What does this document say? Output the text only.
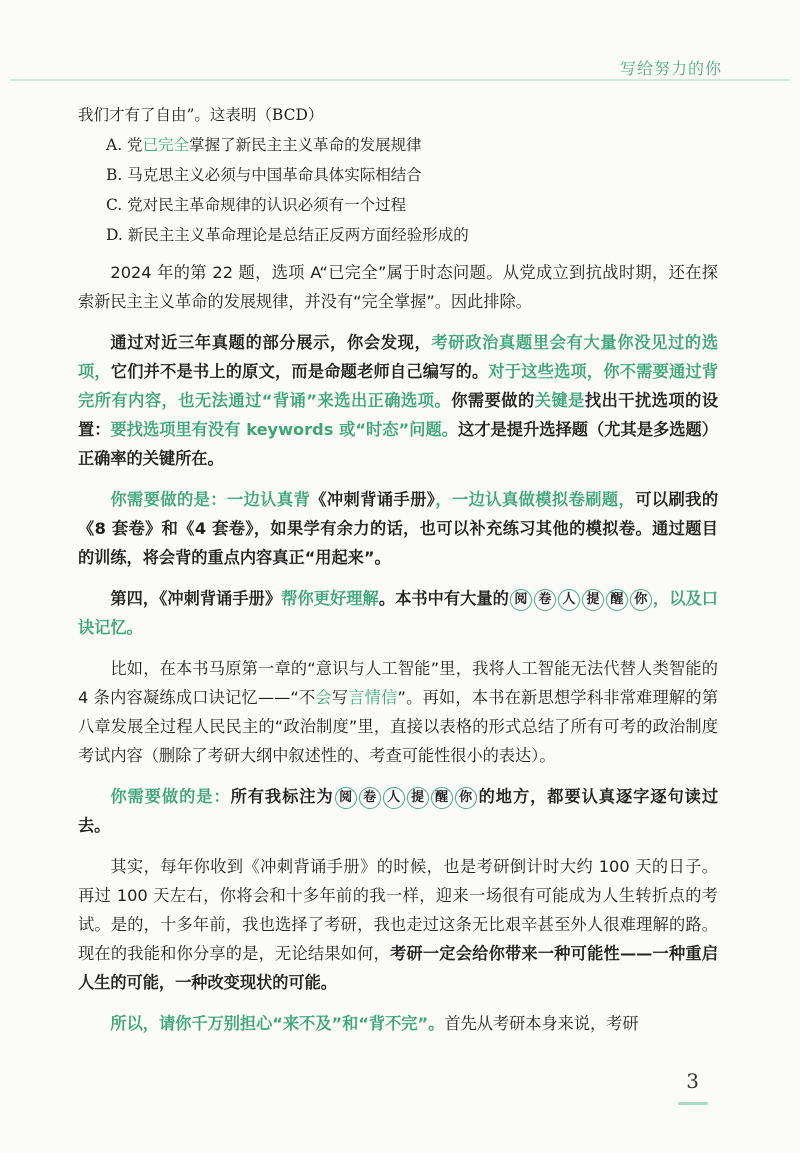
写给努力的你
我们才有了自由”。这表明（BCD）
A. 党已完全掌握了新民主主义革命的发展规律
B. 马克思主义必须与中国革命具体实际相结合
C. 党对民主革命规律的认识必须有一个过程
D. 新民主主义革命理论是总结正反两方面经验形成的

2024 年的第 22 题，选项 A“已完全”属于时态问题。从党成立到抗战时期，还在探索新民主主义革命的发展规律，并没有“完全掌握”。因此排除。

通过对近三年真题的部分展示，你会发现，考研政治真题里会有大量你没见过的选项，它们并不是书上的原文，而是命题老师自己编写的。对于这些选项，你不需要通过背完所有内容，也无法通过“背诵”来选出正确选项。你需要做的关键是找出干扰选项的设置：要找选项里有没有 keywords 或“时态”问题。这才是提升选择题（尤其是多选题）正确率的关键所在。

你需要做的是：一边认真背《冲刺背诵手册》，一边认真做模拟卷刷题，可以刷我的《8 套卷》和《4 套卷》，如果学有余力的话，也可以补充练习其他的模拟卷。通过题目的训练，将会背的重点内容真正“用起来”。

第四，《冲刺背诵手册》帮你更好理解。本书中有大量的 阅 卷 人 提 醒 你 ，以及口诀记忆。

比如，在本书马原第一章的“意识与人工智能”里，我将人工智能无法代替人类智能的 4 条内容凝练成口诀记忆——“不会写言情信”。再如，本书在新思想学科非常难理解的第八章发展全过程人民民主的“政治制度”里，直接以表格的形式总结了所有可考的政治制度考试内容（删除了考研大纲中叙述性的、考查可能性很小的表达）。

你需要做的是：所有我标注为 阅 卷 人 提 醒 你 的地方，都要认真逐字逐句读过去。

其实，每年你收到《冲刺背诵手册》的时候，也是考研倒计时大约 100 天的日子。再过 100 天左右，你将会和十多年前的我一样，迎来一场很有可能成为人生转折点的考试。是的，十多年前，我也选择了考研，我也走过这条无比艰辛甚至外人很难理解的路。现在的我能和你分享的是，无论结果如何，考研一定会给你带来一种可能性——一种重启人生的可能，一种改变现状的可能。

所以，请你千万别担心“来不及”和“背不完”。首先从考研本身来说，考研

3
